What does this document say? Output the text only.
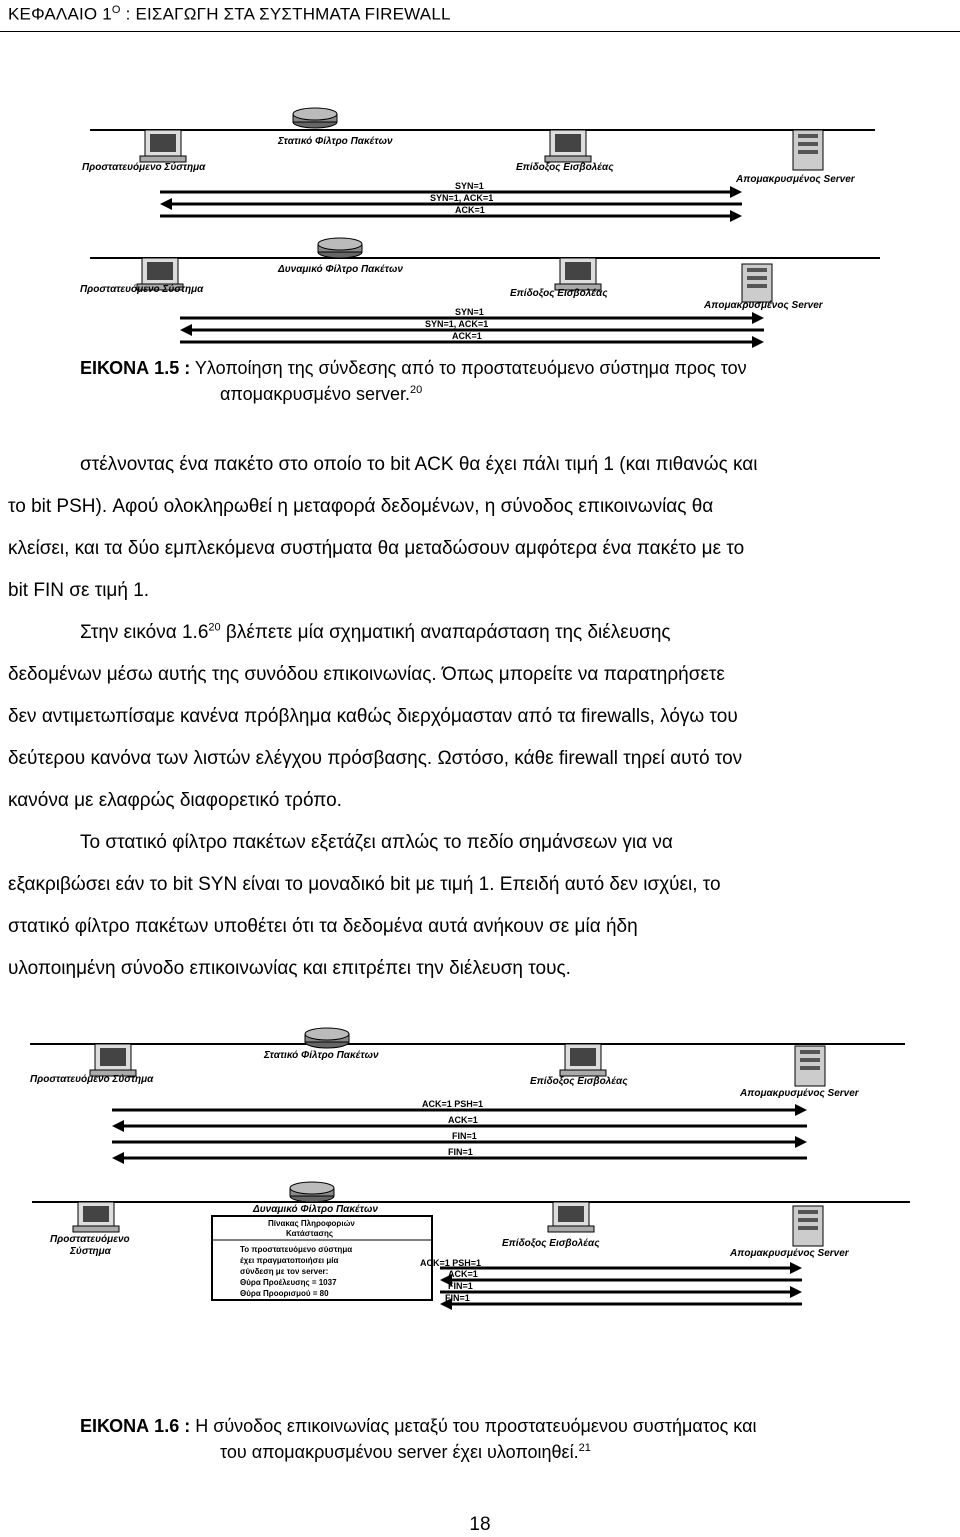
ΚΕΦΑΛΑΙΟ $1^O$ : ΕΙΣΑΓΩΓΗ ΣΤΑ ΣΥΣΤΗΜΑΤΑ FIREWALL
Στατικό Φίλτρο Πακέτων
Προστατευόμενο Σύστημα	Επίδοξος Εισβολέας
Απομακρυσμένος Server
SYN=1
SYN=1, ACK=1
ACK=1
Δυναμικό Φίλτρο Πακέτων
Προστατευόμενο Σύστημα	Επίδοξος Εισβολέας
Απομακρυσμένος Server
SYN=1
SYN=1, ACK=1
ACK=1
ΕΙΚΟΝΑ 1.5 : Υλοποίηση της σύνδεσης από το προστατευόμενο σύστημα προς τον
απομακρυσμένο server.$^{20}$
στέλνοντας ένα πακέτο στο οποίο το bit ACK θα έχει πάλι τιμή 1 (και πιθανώς και
το bit PSH). Αφού ολοκληρωθεί η μεταφορά δεδομένων, η σύνοδος επικοινωνίας θα
κλείσει, και τα δύο εμπλεκόμενα συστήματα θα μεταδώσουν αμφότερα ένα πακέτο με το
bit FIN σε τιμή 1.
Στην εικόνα $1.6^{20}$ βλέπετε μία σχηματική αναπαράσταση της διέλευσης
δεδομένων μέσω αυτής της συνόδου επικοινωνίας. Όπως μπορείτε να παρατηρήσετε
δεν αντιμετωπίσαμε κανένα πρόβλημα καθώς διερχόμασταν από τα firewalls, λόγω του
δεύτερου κανόνα των λιστών ελέγχου πρόσβασης. Ωστόσο, κάθε firewall τηρεί αυτό τον
κανόνα με ελαφρώς διαφορετικό τρόπο.
Το στατικό φίλτρο πακέτων εξετάζει απλώς το πεδίο σημάνσεων για να
εξακριβώσει εάν το bit SYN είναι το μοναδικό bit με τιμή 1. Επειδή αυτό δεν ισχύει, το
στατικό φίλτρο πακέτων υποθέτει ότι τα δεδομένα αυτά ανήκουν σε μία ήδη
υλοποιημένη σύνοδο επικοινωνίας και επιτρέπει την διέλευση τους.
Στατικό Φίλτρο Πακέτων
Προστατευόμενο Σύστημα	Επίδοξος Εισβολέας
Απομακρυσμένος Server
ACK=1 PSH=1
ACK=1
FIN=1
FIN=1
Δυναμικό Φίλτρο Πακέτων
Προστατευόμενο
Σύστημα
Πίνακας Πληροφοριών
Κατάστασης
Το προστατευόμενο σύστημα
έχει πραγματοποιήσει μία
σύνδεση με τον server:
Θύρα Προέλευσης = 1037
Θύρα Προορισμού = 80
Επίδοξος Εισβολέας
Απομακρυσμένος Server
ACK=1 PSH=1
ACK=1
FIN=1
FIN=1
ΕΙΚΟΝΑ 1.6 : Η σύνοδος επικοινωνίας μεταξύ του προστατευόμενου συστήματος και
του απομακρυσμένου server έχει υλοποιηθεί.$^{21}$
18
